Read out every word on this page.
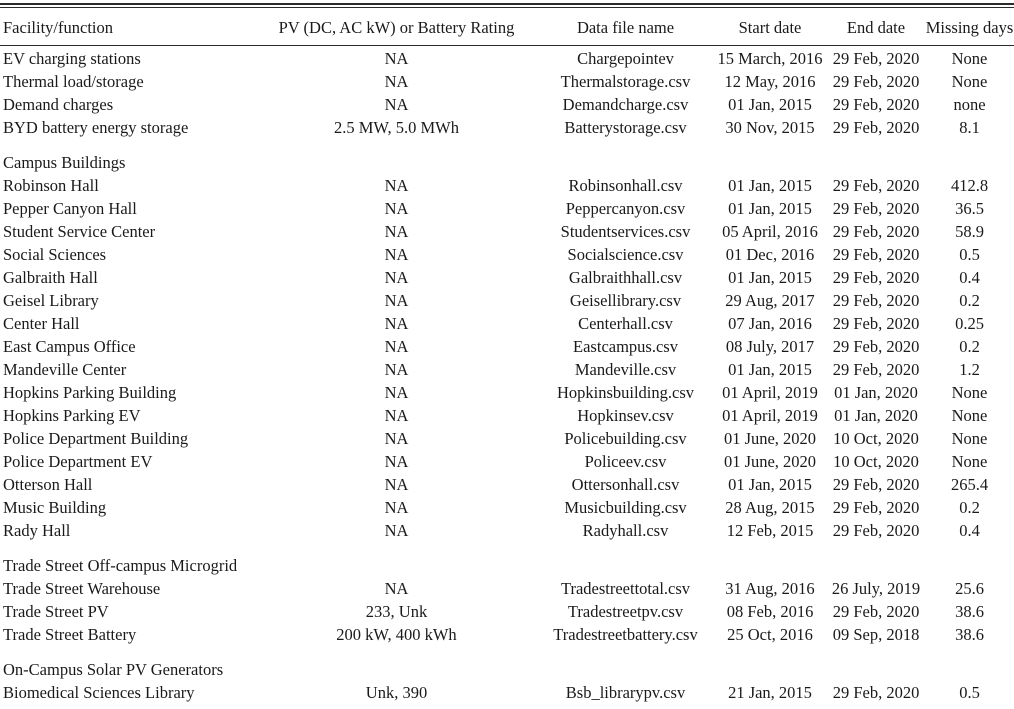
Facility/function	PV (DC, AC kW) or Battery Rating	Data file name	Start date	End date	Missing days

EV charging stations	NA	Chargepointev	15 March, 2016	29 Feb, 2020	None
Thermal load/storage	NA	Thermalstorage.csv	12 May, 2016	29 Feb, 2020	None
Demand charges	NA	Demandcharge.csv	01 Jan, 2015	29 Feb, 2020	none
BYD battery energy storage	2.5 MW, 5.0 MWh	Batterystorage.csv	30 Nov, 2015	29 Feb, 2020	8.1

Campus Buildings					
Robinson Hall	NA	Robinsonhall.csv	01 Jan, 2015	29 Feb, 2020	412.8
Pepper Canyon Hall	NA	Peppercanyon.csv	01 Jan, 2015	29 Feb, 2020	36.5
Student Service Center	NA	Studentservices.csv	05 April, 2016	29 Feb, 2020	58.9
Social Sciences	NA	Socialscience.csv	01 Dec, 2016	29 Feb, 2020	0.5
Galbraith Hall	NA	Galbraithhall.csv	01 Jan, 2015	29 Feb, 2020	0.4
Geisel Library	NA	Geisellibrary.csv	29 Aug, 2017	29 Feb, 2020	0.2
Center Hall	NA	Centerhall.csv	07 Jan, 2016	29 Feb, 2020	0.25
East Campus Office	NA	Eastcampus.csv	08 July, 2017	29 Feb, 2020	0.2
Mandeville Center	NA	Mandeville.csv	01 Jan, 2015	29 Feb, 2020	1.2
Hopkins Parking Building	NA	Hopkinsbuilding.csv	01 April, 2019	01 Jan, 2020	None
Hopkins Parking EV	NA	Hopkinsev.csv	01 April, 2019	01 Jan, 2020	None
Police Department Building	NA	Policebuilding.csv	01 June, 2020	10 Oct, 2020	None
Police Department EV	NA	Policeev.csv	01 June, 2020	10 Oct, 2020	None
Otterson Hall	NA	Ottersonhall.csv	01 Jan, 2015	29 Feb, 2020	265.4
Music Building	NA	Musicbuilding.csv	28 Aug, 2015	29 Feb, 2020	0.2
Rady Hall	NA	Radyhall.csv	12 Feb, 2015	29 Feb, 2020	0.4

Trade Street Off-campus Microgrid					
Trade Street Warehouse	NA	Tradestreettotal.csv	31 Aug, 2016	26 July, 2019	25.6
Trade Street PV	233, Unk	Tradestreetpv.csv	08 Feb, 2016	29 Feb, 2020	38.6
Trade Street Battery	200 kW, 400 kWh	Tradestreetbattery.csv	25 Oct, 2016	09 Sep, 2018	38.6

On-Campus Solar PV Generators					
Biomedical Sciences Library	Unk, 390	Bsb_librarypv.csv	21 Jan, 2015	29 Feb, 2020	0.5
